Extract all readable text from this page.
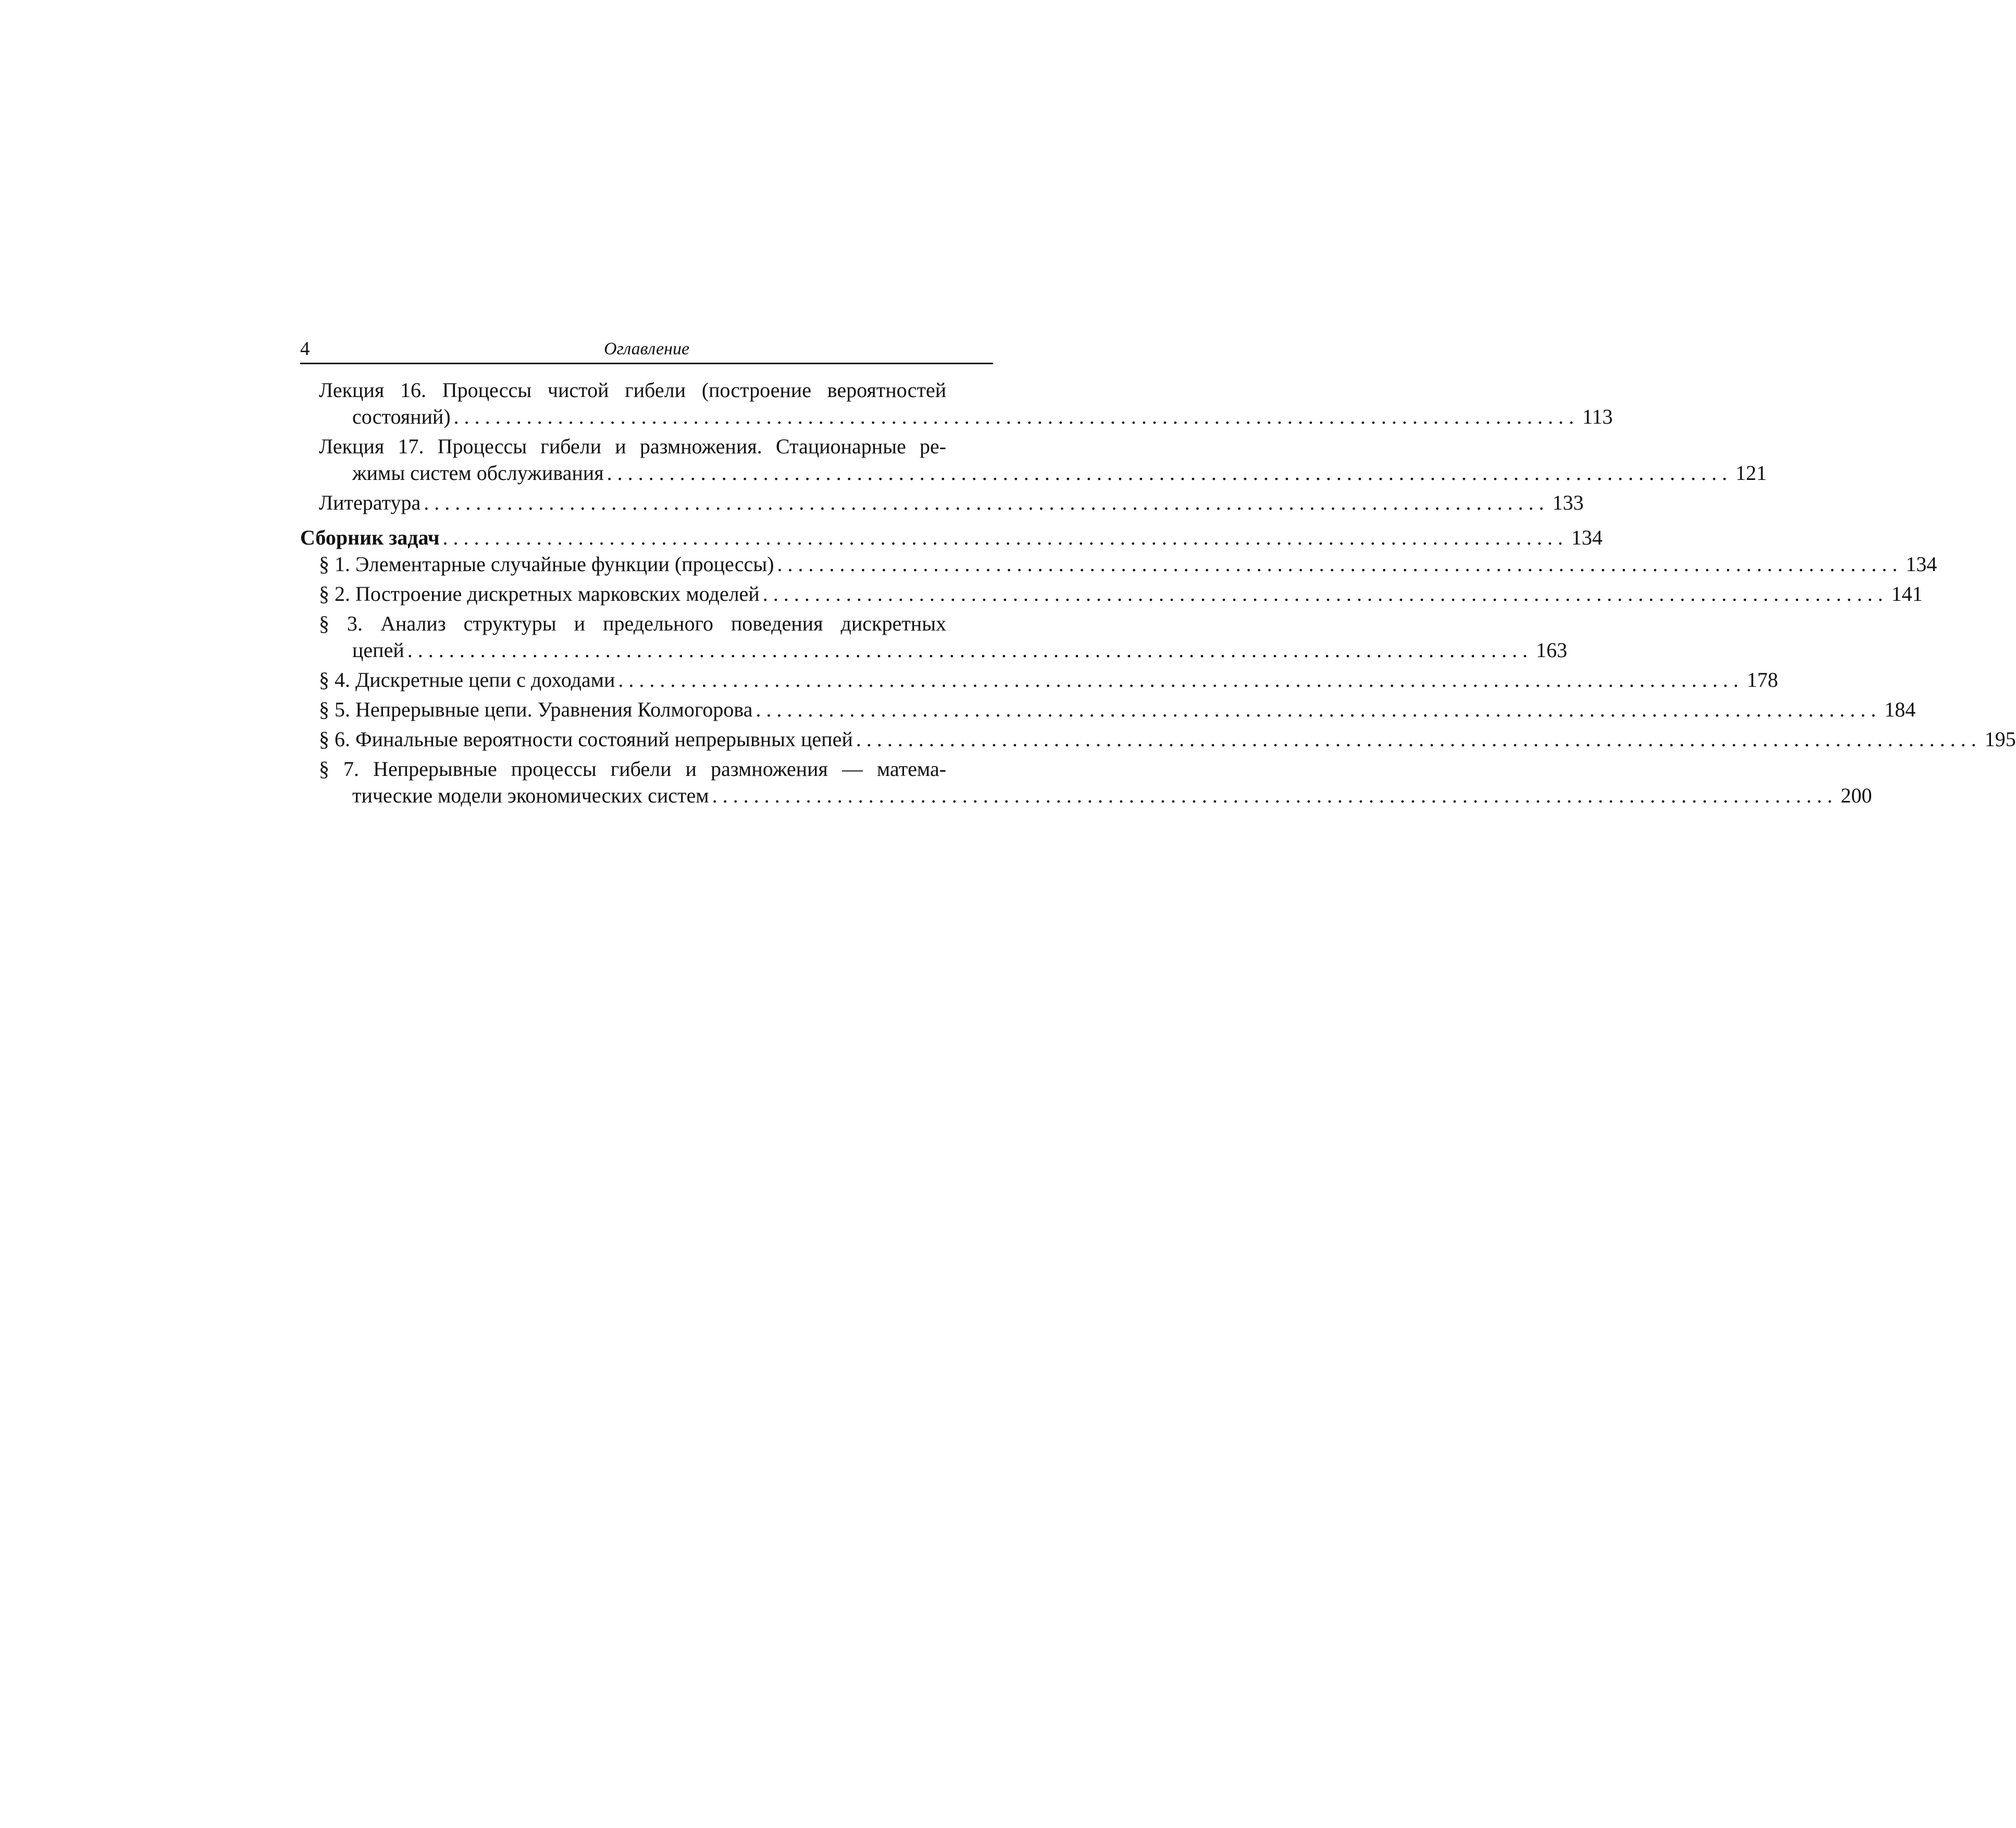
4	Оглавление
Лекция 16. Процессы чистой гибели (построение вероятностей
состояний) ............................................................................................................ 113
Лекция 17. Процессы гибели и размножения. Стационарные ре-
жимы систем обслуживания ............................................................................................................ 121
Литература ............................................................................................................ 133
Сборник задач ............................................................................................................ 134
§ 1. Элементарные случайные функции (процессы) ............................................................................................................ 134
§ 2. Построение дискретных марковских моделей ............................................................................................................ 141
§ 3. Анализ структуры и предельного поведения дискретных
цепей ............................................................................................................ 163
§ 4. Дискретные цепи с доходами ............................................................................................................ 178
§ 5. Непрерывные цепи. Уравнения Колмогорова ............................................................................................................ 184
§ 6. Финальные вероятности состояний непрерывных цепей ............................................................................................................ 195
§ 7. Непрерывные процессы гибели и размножения — матема-
тические модели экономических систем ............................................................................................................ 200
